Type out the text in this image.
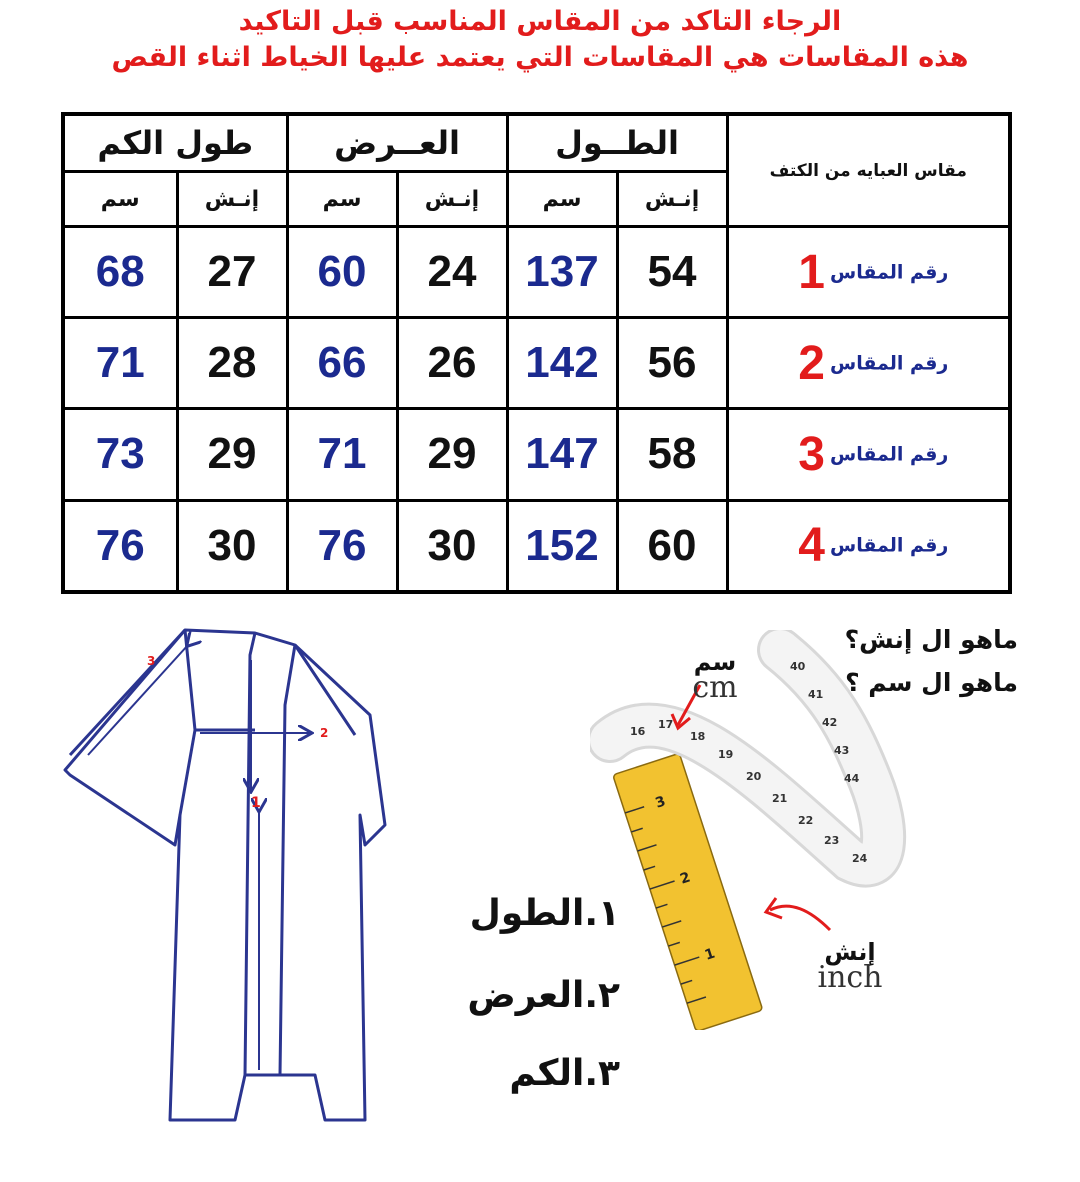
الرجاء التاكد من المقاس المناسب قبل التاكيد
هذه المقاسات هي المقاسات التي يعتمد عليها الخياط اثناء القص
طول الكم		العــرض		الطــول		مقاس العبايه من الكتف
سم	إنـش	سم	إنـش	سم	إنـش	
68	27	60	24	137	54	رقم المقاس 1
71	28	66	26	142	56	رقم المقاس 2
73	29	71	29	147	58	رقم المقاس 3
76	30	76	30	152	60	رقم المقاس 4
3
2
1
١.الطول
٢.العرض
٣.الكم
ماهو ال إنش؟
ماهو ال سم ؟
3
2
1
16
17
18
19
20
21
22
23
24
40
41
42
43
44
سم
cm
إنش
inch
